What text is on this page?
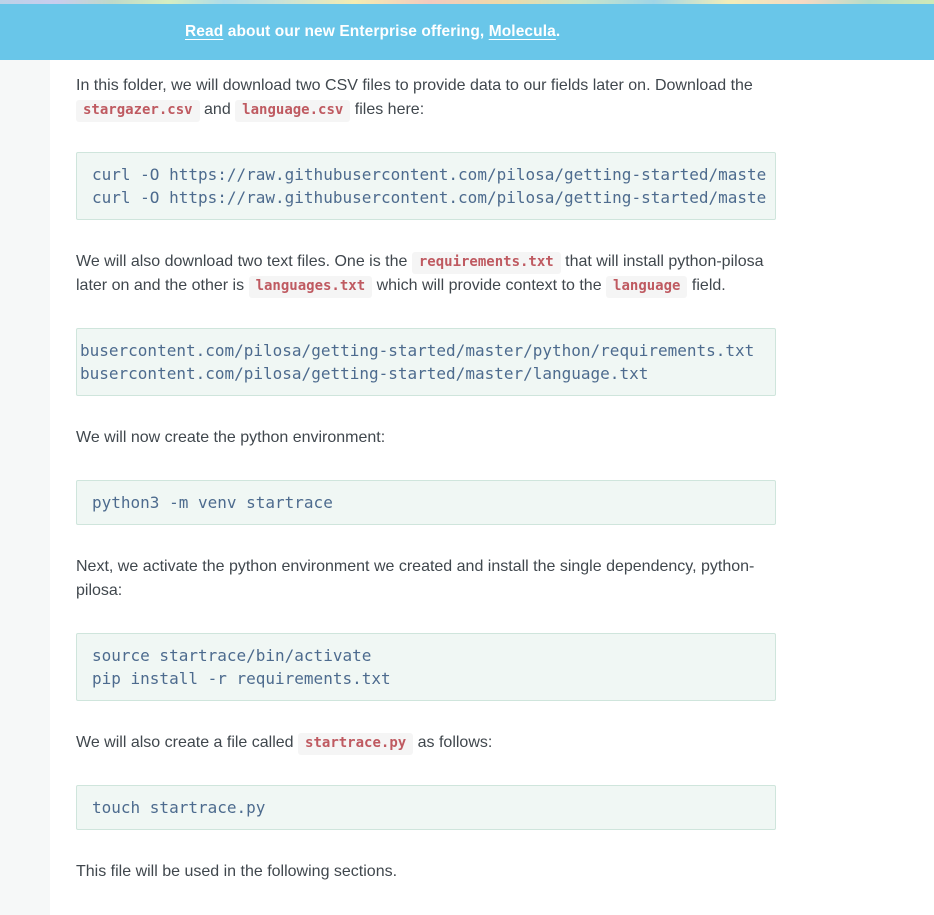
Read about our new Enterprise offering, Molecula.

In this folder, we will download two CSV files to provide data to our fields later on. Download the stargazer.csv and language.csv files here:

curl -O https://raw.githubusercontent.com/pilosa/getting-started/maste
curl -O https://raw.githubusercontent.com/pilosa/getting-started/maste

We will also download two text files. One is the requirements.txt that will install python-pilosa later on and the other is languages.txt which will provide context to the language field.

busercontent.com/pilosa/getting-started/master/python/requirements.txt
busercontent.com/pilosa/getting-started/master/language.txt

We will now create the python environment:

python3 -m venv startrace

Next, we activate the python environment we created and install the single dependency, python-pilosa:

source startrace/bin/activate
pip install -r requirements.txt

We will also create a file called startrace.py as follows:

touch startrace.py

This file will be used in the following sections.
